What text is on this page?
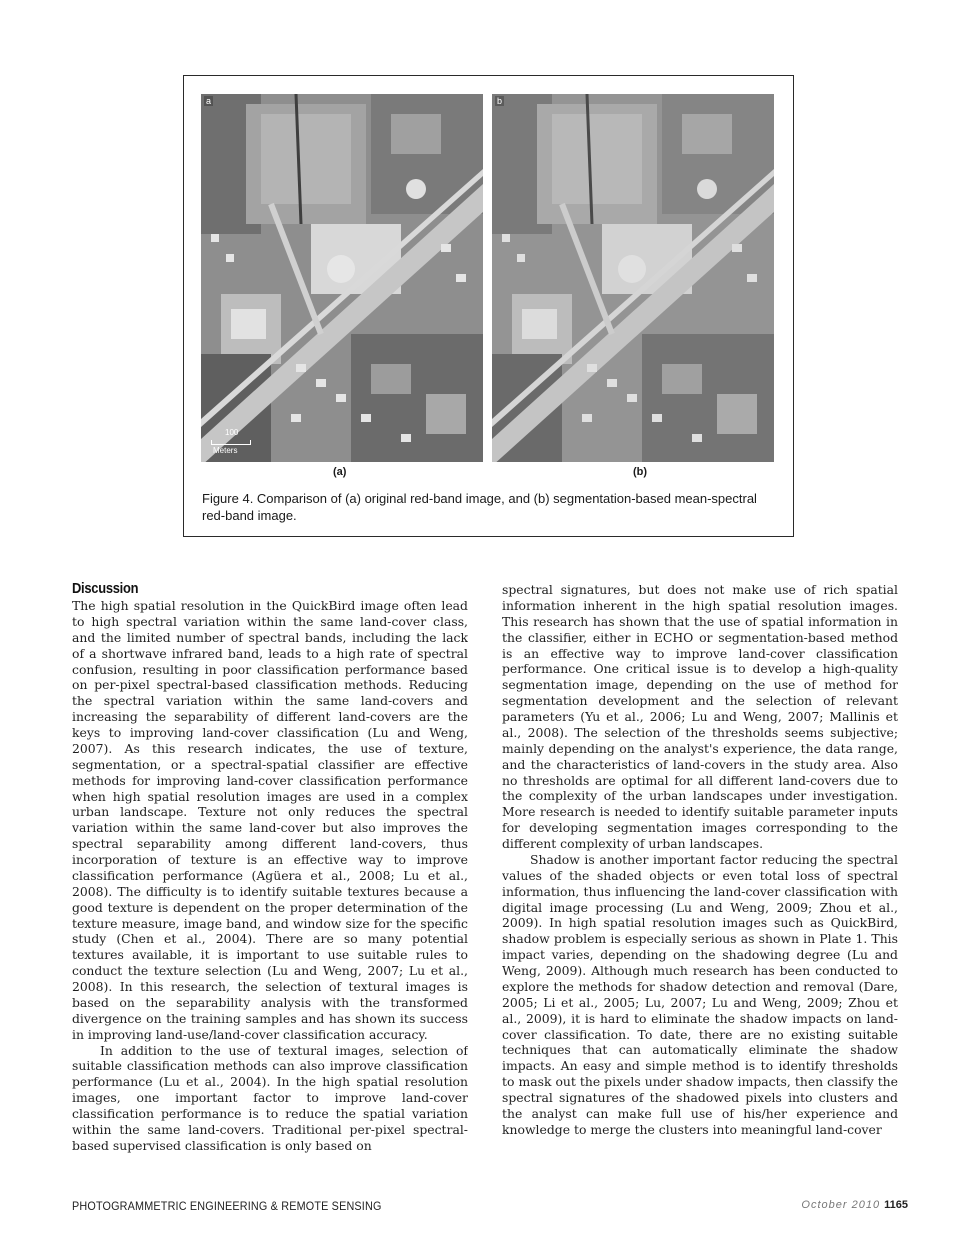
a
100
Meters
b
(a)	(b)
Figure 4. Comparison of (a) original red-band image, and (b) segmentation-based mean-spectral red-band image.
Discussion

The high spatial resolution in the QuickBird image often lead to high spectral variation within the same land-cover class, and the limited number of spectral bands, including the lack of a shortwave infrared band, leads to a high rate of spectral confusion, resulting in poor classification performance based on per-pixel spectral-based classification methods. Reducing the spectral variation within the same land-covers and increasing the separability of different land-covers are the keys to improving land-cover classification (Lu and Weng, 2007). As this research indicates, the use of texture, segmentation, or a spectral-spatial classifier are effective methods for improving land-cover classification performance when high spatial resolution images are used in a complex urban landscape. Texture not only reduces the spectral variation within the same land-cover but also improves the spectral separability among different land-covers, thus incorporation of texture is an effective way to improve classification performance (Agüera et al., 2008; Lu et al., 2008). The difficulty is to identify suitable textures because a good texture is dependent on the proper determination of the texture measure, image band, and window size for the specific study (Chen et al., 2004). There are so many potential textures available, it is important to use suitable rules to conduct the texture selection (Lu and Weng, 2007; Lu et al., 2008). In this research, the selection of textural images is based on the separability analysis with the transformed divergence on the training samples and has shown its success in improving land-use/land-cover classification accuracy.

In addition to the use of textural images, selection of suitable classification methods can also improve classification performance (Lu et al., 2004). In the high spatial resolution images, one important factor to improve land-cover classification performance is to reduce the spatial variation within the same land-covers. Traditional per-pixel spectral-based supervised classification is only based on

spectral signatures, but does not make use of rich spatial information inherent in the high spatial resolution images. This research has shown that the use of spatial information in the classifier, either in ECHO or segmentation-based method is an effective way to improve land-cover classification performance. One critical issue is to develop a high-quality segmentation image, depending on the use of method for segmentation development and the selection of relevant parameters (Yu et al., 2006; Lu and Weng, 2007; Mallinis et al., 2008). The selection of the thresholds seems subjective; mainly depending on the analyst's experience, the data range, and the characteristics of land-covers in the study area. Also no thresholds are optimal for all different land-covers due to the complexity of the urban landscapes under investigation. More research is needed to identify suitable parameter inputs for developing segmentation images corresponding to the different complexity of urban landscapes.

Shadow is another important factor reducing the spectral values of the shaded objects or even total loss of spectral information, thus influencing the land-cover classification with digital image processing (Lu and Weng, 2009; Zhou et al., 2009). In high spatial resolution images such as QuickBird, shadow problem is especially serious as shown in Plate 1. This impact varies, depending on the shadowing degree (Lu and Weng, 2009). Although much research has been conducted to explore the methods for shadow detection and removal (Dare, 2005; Li et al., 2005; Lu, 2007; Lu and Weng, 2009; Zhou et al., 2009), it is hard to eliminate the shadow impacts on land-cover classification. To date, there are no existing suitable techniques that can automatically eliminate the shadow impacts. An easy and simple method is to identify thresholds to mask out the pixels under shadow impacts, then classify the spectral signatures of the shadowed pixels into clusters and the analyst can make full use of his/her experience and knowledge to merge the clusters into meaningful land-cover

PHOTOGRAMMETRIC ENGINEERING & REMOTE SENSING	October 2010 1165
